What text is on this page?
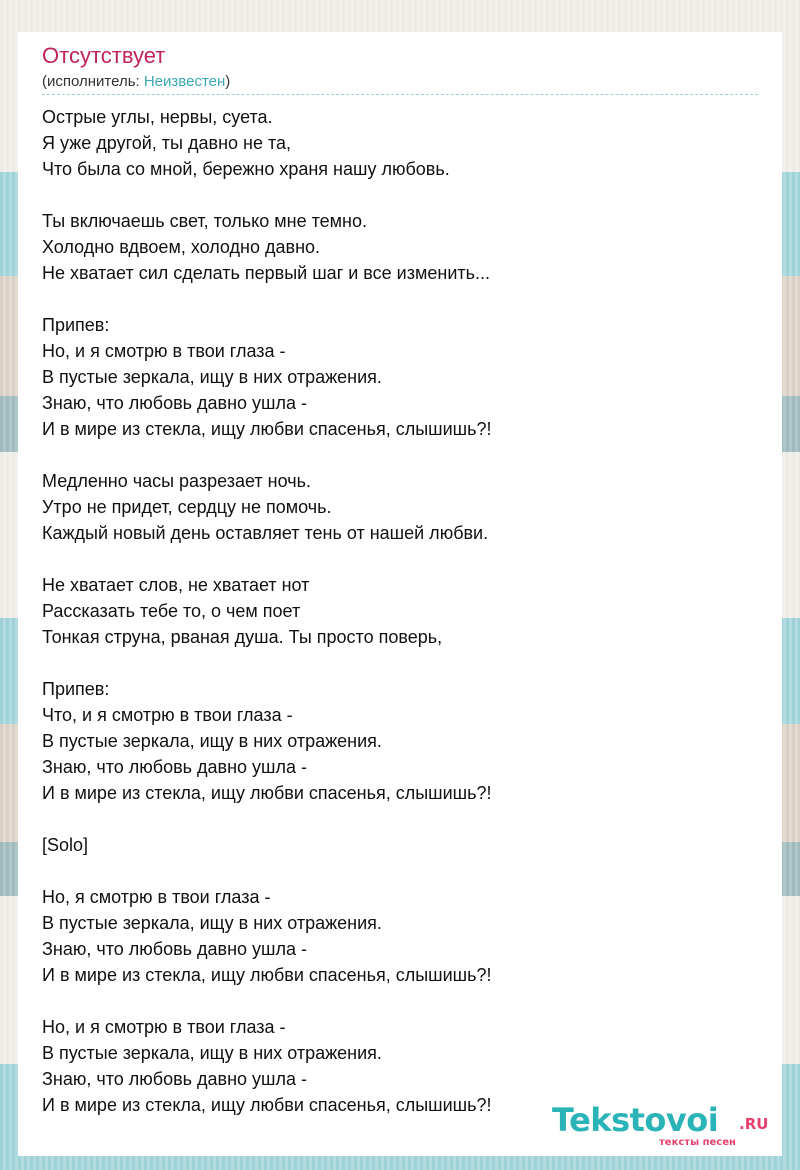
Отсутствует
(исполнитель: Неизвестен)
Острые углы, нервы, суета.
Я уже другой, ты давно не та,
Что была со мной, бережно храня нашу любовь.
Ты включаешь свет, только мне темно.
Холодно вдвоем, холодно давно.
Не хватает сил сделать первый шаг и все изменить...
Припев:
Но, и я смотрю в твои глаза -
В пустые зеркала, ищу в них отражения.
Знаю, что любовь давно ушла -
И в мире из стекла, ищу любви спасенья, слышишь?!
Медленно часы разрезает ночь.
Утро не придет, сердцу не помочь.
Каждый новый день оставляет тень от нашей любви.
Не хватает слов, не хватает нот
Рассказать тебе то, о чем поет
Тонкая струна, рваная душа. Ты просто поверь,
Припев:
Что, и я смотрю в твои глаза -
В пустые зеркала, ищу в них отражения.
Знаю, что любовь давно ушла -
И в мире из стекла, ищу любви спасенья, слышишь?!
[Solo]
Но, я смотрю в твои глаза -
В пустые зеркала, ищу в них отражения.
Знаю, что любовь давно ушла -
И в мире из стекла, ищу любви спасенья, слышишь?!
Но, и я смотрю в твои глаза -
В пустые зеркала, ищу в них отражения.
Знаю, что любовь давно ушла -
И в мире из стекла, ищу любви спасенья, слышишь?!	Tekstovoi .RU
тексты песен
